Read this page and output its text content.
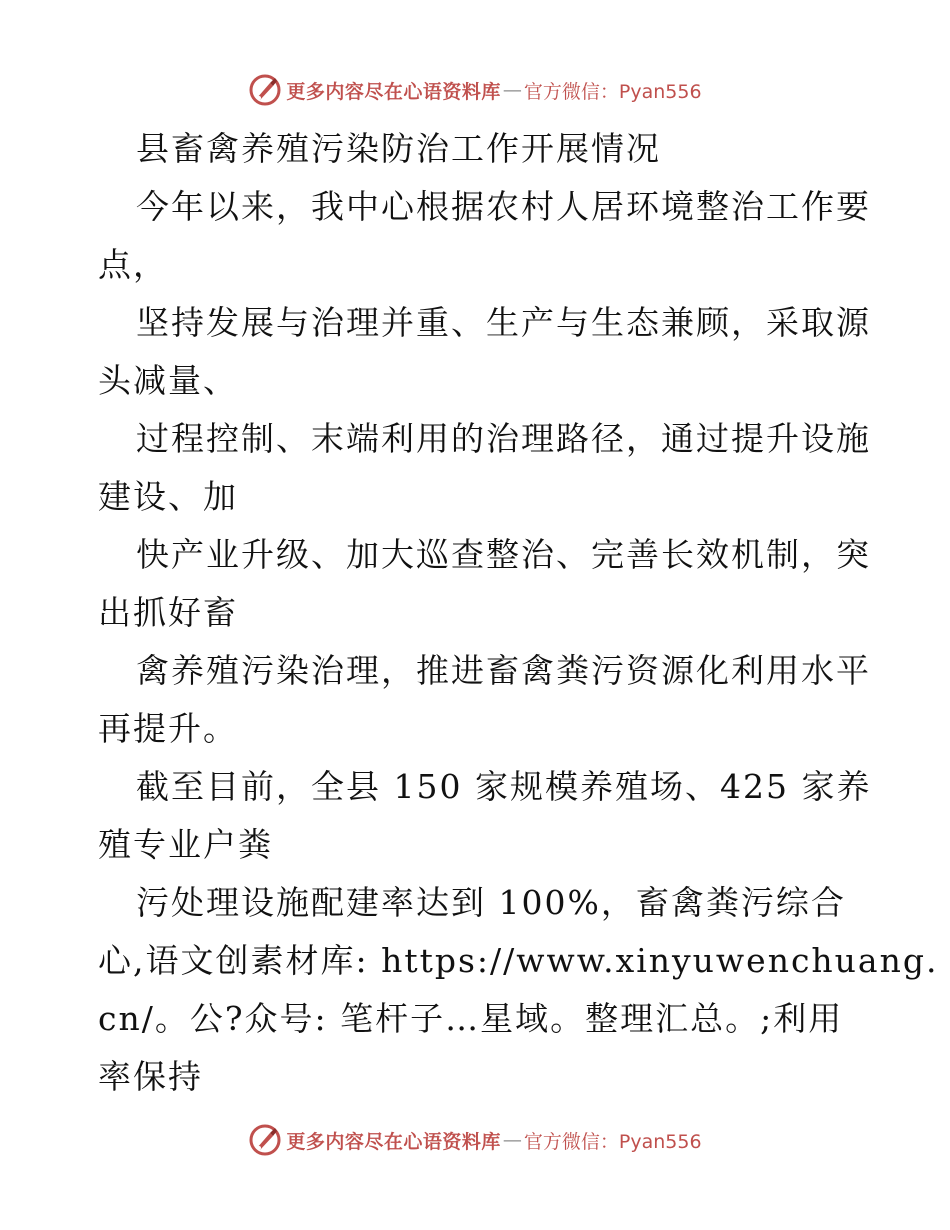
更多内容尽在心语资料库 — 官方微信：Pyan556
县畜禽养殖污染防治工作开展情况
今年以来，我中心根据农村人居环境整治工作要
点，
坚持发展与治理并重、生产与生态兼顾，采取源
头减量、
过程控制、末端利用的治理路径，通过提升设施
建设、加
快产业升级、加大巡查整治、完善长效机制，突
出抓好畜
禽养殖污染治理，推进畜禽粪污资源化利用水平
再提升。
截至目前，全县 150 家规模养殖场、425 家养
殖专业户粪
污处理设施配建率达到 100%，畜禽粪污综合
心,语文创素材库: https://www.xinyuwenchuang.
cn/。公?众号: 笔杆子…星域。整理汇总。;利用
率保持
更多内容尽在心语资料库 — 官方微信：Pyan556
